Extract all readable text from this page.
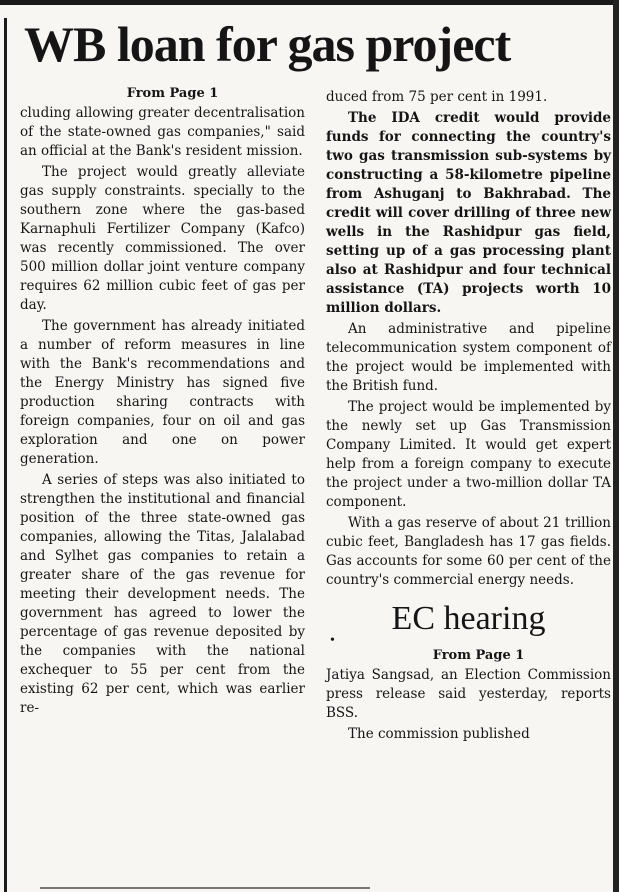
WB loan for gas project
From Page 1

cluding allowing greater decentralisation of the state-owned gas companies," said an official at the Bank's resident mission.

The project would greatly alleviate gas supply constraints. specially to the southern zone where the gas-based Karnaphuli Fertilizer Company (Kafco) was recently commissioned. The over 500 million dollar joint venture company requires 62 million cubic feet of gas per day.

The government has already initiated a number of reform measures in line with the Bank's recommendations and the Energy Ministry has signed five production sharing contracts with foreign companies, four on oil and gas exploration and one on power generation.

A series of steps was also initiated to strengthen the institutional and financial position of the three state-owned gas companies, allowing the Titas, Jalalabad and Sylhet gas companies to retain a greater share of the gas revenue for meeting their development needs. The government has agreed to lower the percentage of gas revenue deposited by the companies with the national exchequer to 55 per cent from the existing 62 per cent, which was earlier re-

duced from 75 per cent in 1991.

The IDA credit would provide funds for connecting the country's two gas transmission sub-systems by constructing a 58-kilometre pipeline from Ashuganj to Bakhrabad. The credit will cover drilling of three new wells in the Rashidpur gas field, setting up of a gas processing plant also at Rashidpur and four technical assistance (TA) projects worth 10 million dollars.

An administrative and pipeline telecommunication system component of the project would be implemented with the British fund.

The project would be implemented by the newly set up Gas Transmission Company Limited. It would get expert help from a foreign company to execute the project under a two-million dollar TA component.

With a gas reserve of about 21 trillion cubic feet, Bangladesh has 17 gas fields. Gas accounts for some 60 per cent of the country's commercial energy needs.

•
EC hearing
From Page 1

Jatiya Sangsad, an Election Commission press release said yesterday, reports BSS.

The commission published
